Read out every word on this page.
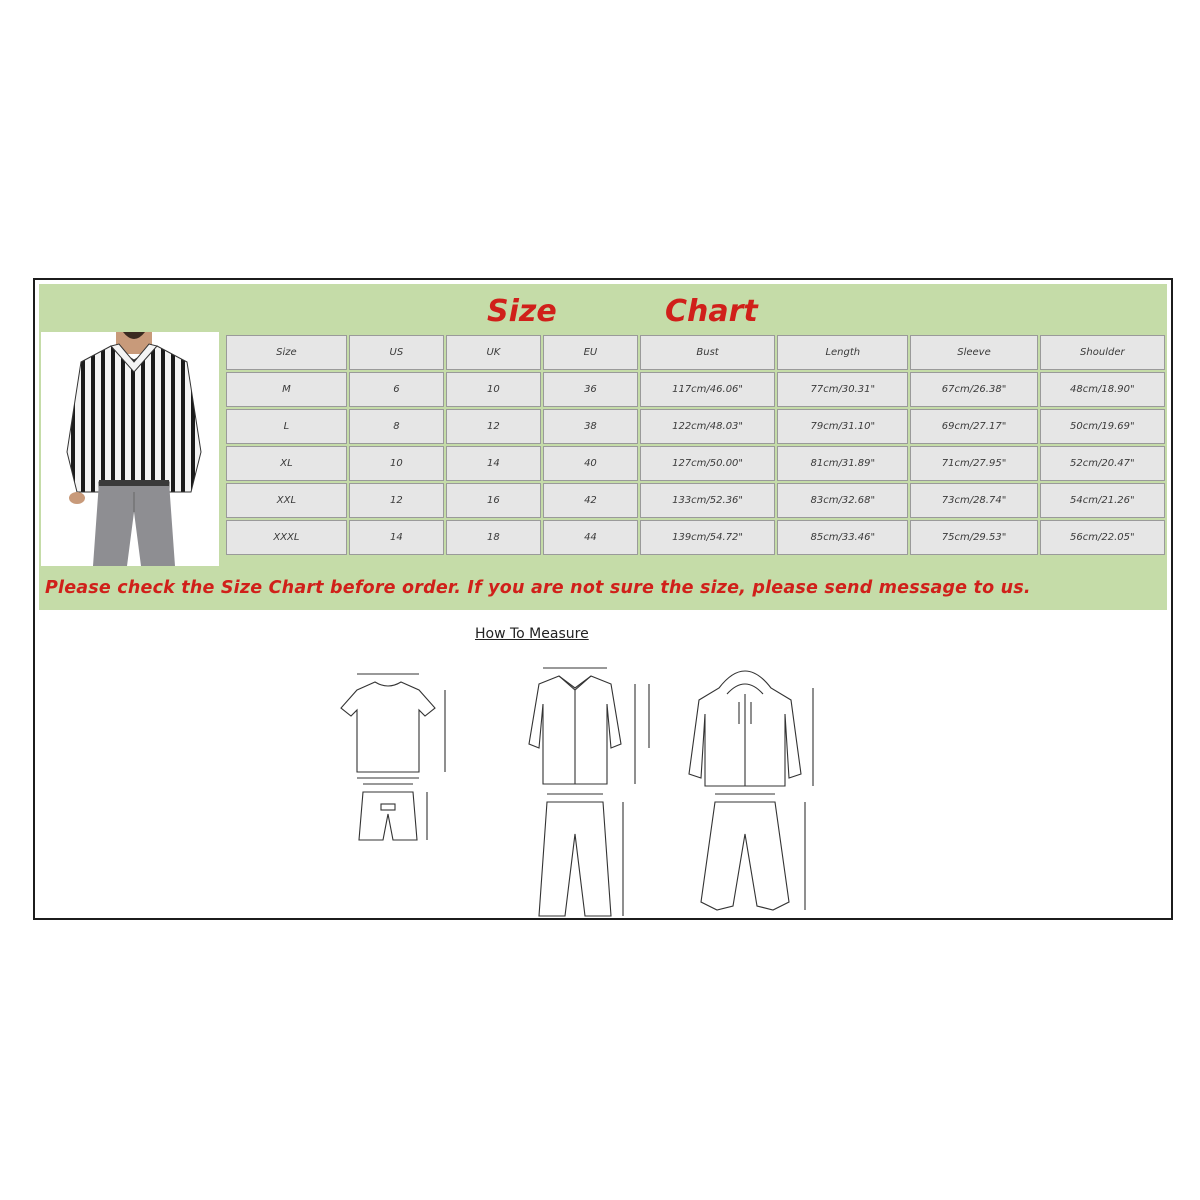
Size	Chart
Size	US	UK	EU	Bust	Length	Sleeve	Shoulder
M	6	10	36	117cm/46.06"	77cm/30.31"	67cm/26.38"	48cm/18.90"
L	8	12	38	122cm/48.03"	79cm/31.10"	69cm/27.17"	50cm/19.69"
XL	10	14	40	127cm/50.00"	81cm/31.89"	71cm/27.95"	52cm/20.47"
XXL	12	16	42	133cm/52.36"	83cm/32.68"	73cm/28.74"	54cm/21.26"
XXXL	14	18	44	139cm/54.72"	85cm/33.46"	75cm/29.53"	56cm/22.05"
Please check the Size Chart before order. If you are not sure the size, please send message to us.
How To Measure
